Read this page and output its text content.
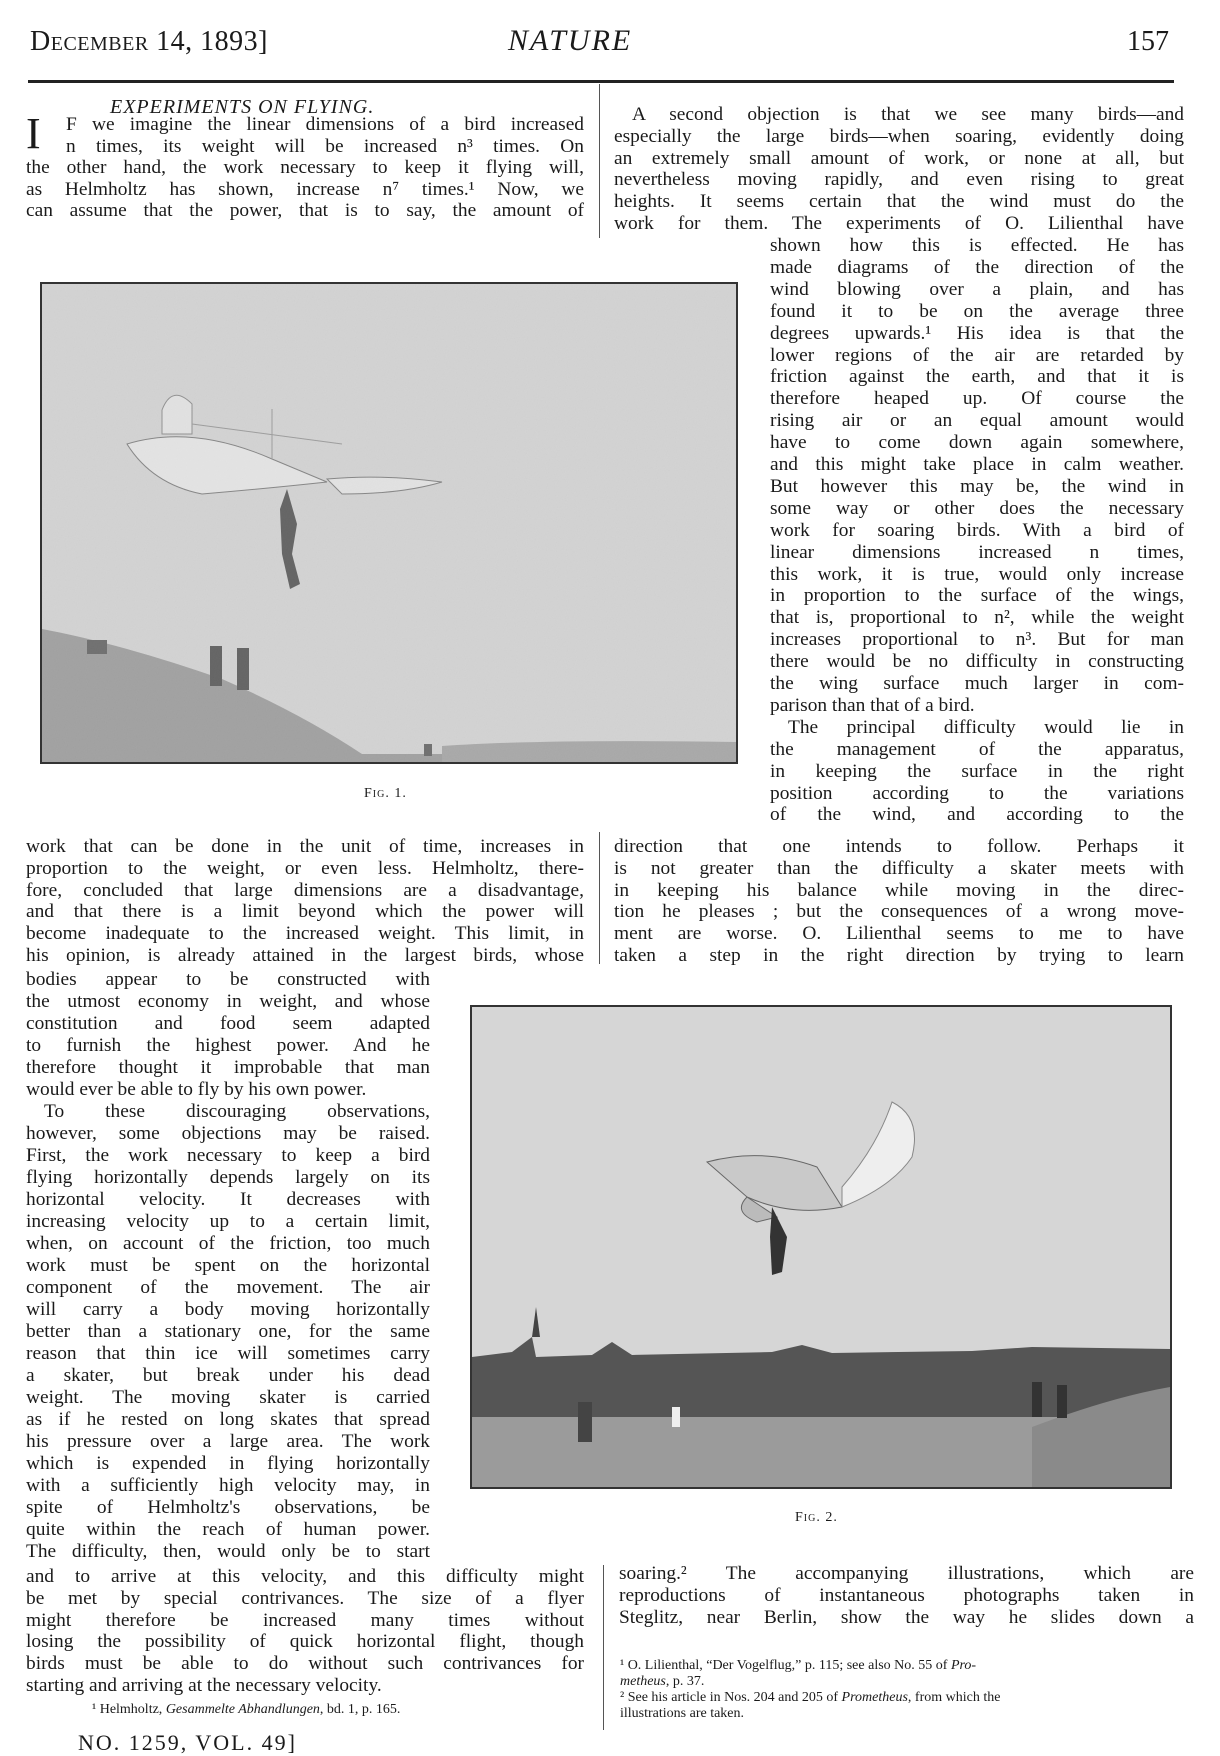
December 14, 1893]	NATURE	157
EXPERIMENTS ON FLYING.
I F we imagine the linear dimensions of a bird increased
n times, its weight will be increased n³ times. On
the other hand, the work necessary to keep it flying will,
as Helmholtz has shown, increase n⁷ times.¹ Now, we
can assume that the power, that is to say, the amount of
A second objection is that we see many birds—and
especially the large birds—when soaring, evidently doing
an extremely small amount of work, or none at all, but
nevertheless moving rapidly, and even rising to great
heights. It seems certain that the wind must do the
work for them. The experiments of O. Lilienthal have
shown how this is effected. He has
made diagrams of the direction of the
wind blowing over a plain, and has
found it to be on the average three
degrees upwards.¹ His idea is that the
lower regions of the air are retarded by
friction against the earth, and that it is
therefore heaped up. Of course the
rising air or an equal amount would
have to come down again somewhere,
and this might take place in calm weather.
But however this may be, the wind in
some way or other does the necessary
work for soaring birds. With a bird of
linear dimensions increased n times,
this work, it is true, would only increase
in proportion to the surface of the wings,
that is, proportional to n², while the weight
increases proportional to n³. But for man
there would be no difficulty in constructing
the wing surface much larger in com-
parison than that of a bird.
The principal difficulty would lie in
the management of the apparatus,
in keeping the surface in the right
position according to the variations
of the wind, and according to the
Fig. 1.
work that can be done in the unit of time, increases in
proportion to the weight, or even less. Helmholtz, there-
fore, concluded that large dimensions are a disadvantage,
and that there is a limit beyond which the power will
become inadequate to the increased weight. This limit, in
his opinion, is already attained in the largest birds, whose
direction that one intends to follow. Perhaps it
is not greater than the difficulty a skater meets with
in keeping his balance while moving in the direc-
tion he pleases ; but the consequences of a wrong move-
ment are worse. O. Lilienthal seems to me to have
taken a step in the right direction by trying to learn
bodies appear to be constructed with
the utmost economy in weight, and whose
constitution and food seem adapted
to furnish the highest power. And he
therefore thought it improbable that man
would ever be able to fly by his own power.
To these discouraging observations,
however, some objections may be raised.
First, the work necessary to keep a bird
flying horizontally depends largely on its
horizontal velocity. It decreases with
increasing velocity up to a certain limit,
when, on account of the friction, too much
work must be spent on the horizontal
component of the movement. The air
will carry a body moving horizontally
better than a stationary one, for the same
reason that thin ice will sometimes carry
a skater, but break under his dead
weight. The moving skater is carried
as if he rested on long skates that spread
his pressure over a large area. The work
which is expended in flying horizontally
with a sufficiently high velocity may, in
spite of Helmholtz's observations, be
quite within the reach of human power.
The difficulty, then, would only be to start
Fig. 2.
and to arrive at this velocity, and this difficulty might
be met by special contrivances. The size of a flyer
might therefore be increased many times without
losing the possibility of quick horizontal flight, though
birds must be able to do without such contrivances for
starting and arriving at the necessary velocity.
soaring.² The accompanying illustrations, which are
reproductions of instantaneous photographs taken in
Steglitz, near Berlin, show the way he slides down a
¹ Helmholtz, Gesammelte Abhandlungen, bd. 1, p. 165.
¹ O. Lilienthal, “Der Vogelflug,” p. 115; see also No. 55 of Pro-
metheus, p. 37.
² See his article in Nos. 204 and 205 of Prometheus, from which the
illustrations are taken.
NO. 1259, VOL. 49]
